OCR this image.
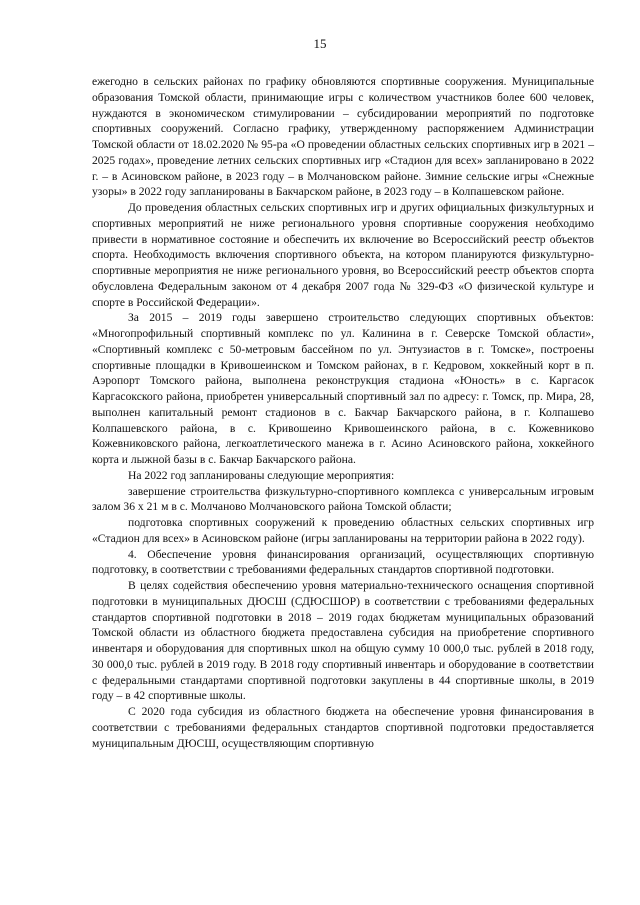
15

ежегодно в сельских районах по графику обновляются спортивные сооружения. Муниципальные образования Томской области, принимающие игры с количеством участников более 600 человек, нуждаются в экономическом стимулировании – субсидировании мероприятий по подготовке спортивных сооружений. Согласно графику, утвержденному распоряжением Администрации Томской области от 18.02.2020 № 95-ра «О проведении областных сельских спортивных игр в 2021 – 2025 годах», проведение летних сельских спортивных игр «Стадион для всех» запланировано в 2022 г. – в Асиновском районе, в 2023 году – в Молчановском районе. Зимние сельские игры «Снежные узоры» в 2022 году запланированы в Бакчарском районе, в 2023 году – в Колпашевском районе.

До проведения областных сельских спортивных игр и других официальных физкультурных и спортивных мероприятий не ниже регионального уровня спортивные сооружения необходимо привести в нормативное состояние и обеспечить их включение во Всероссийский реестр объектов спорта. Необходимость включения спортивного объекта, на котором планируются физкультурно-спортивные мероприятия не ниже регионального уровня, во Всероссийский реестр объектов спорта обусловлена Федеральным законом от 4 декабря 2007 года № 329-ФЗ «О физической культуре и спорте в Российской Федерации».

За 2015 – 2019 годы завершено строительство следующих спортивных объектов: «Многопрофильный спортивный комплекс по ул. Калинина в г. Северске Томской области», «Спортивный комплекс с 50-метровым бассейном по ул. Энтузиастов в г. Томске», построены спортивные площадки в Кривошеинском и Томском районах, в г. Кедровом, хоккейный корт в п. Аэропорт Томского района, выполнена реконструкция стадиона «Юность» в с. Каргасок Каргасокского района, приобретен универсальный спортивный зал по адресу: г. Томск, пр. Мира, 28, выполнен капитальный ремонт стадионов в с. Бакчар Бакчарского района, в г. Колпашево Колпашевского района, в с. Кривошеино Кривошеинского района, в с. Кожевниково Кожевниковского района, легкоатлетического манежа в г. Асино Асиновского района, хоккейного корта и лыжной базы в с. Бакчар Бакчарского района.

На 2022 год запланированы следующие мероприятия:

завершение строительства физкультурно-спортивного комплекса с универсальным игровым залом 36 х 21 м в с. Молчаново Молчановского района Томской области;

подготовка спортивных сооружений к проведению областных сельских спортивных игр «Стадион для всех» в Асиновском районе (игры запланированы на территории района в 2022 году).

4. Обеспечение уровня финансирования организаций, осуществляющих спортивную подготовку, в соответствии с требованиями федеральных стандартов спортивной подготовки.

В целях содействия обеспечению уровня материально-технического оснащения спортивной подготовки в муниципальных ДЮСШ (СДЮСШОР) в соответствии с требованиями федеральных стандартов спортивной подготовки в 2018 – 2019 годах бюджетам муниципальных образований Томской области из областного бюджета предоставлена субсидия на приобретение спортивного инвентаря и оборудования для спортивных школ на общую сумму 10 000,0 тыс. рублей в 2018 году, 30 000,0 тыс. рублей в 2019 году. В 2018 году спортивный инвентарь и оборудование в соответствии с федеральными стандартами спортивной подготовки закуплены в 44 спортивные школы, в 2019 году – в 42 спортивные школы.

С 2020 года субсидия из областного бюджета на обеспечение уровня финансирования в соответствии с требованиями федеральных стандартов спортивной подготовки предоставляется муниципальным ДЮСШ, осуществляющим спортивную
